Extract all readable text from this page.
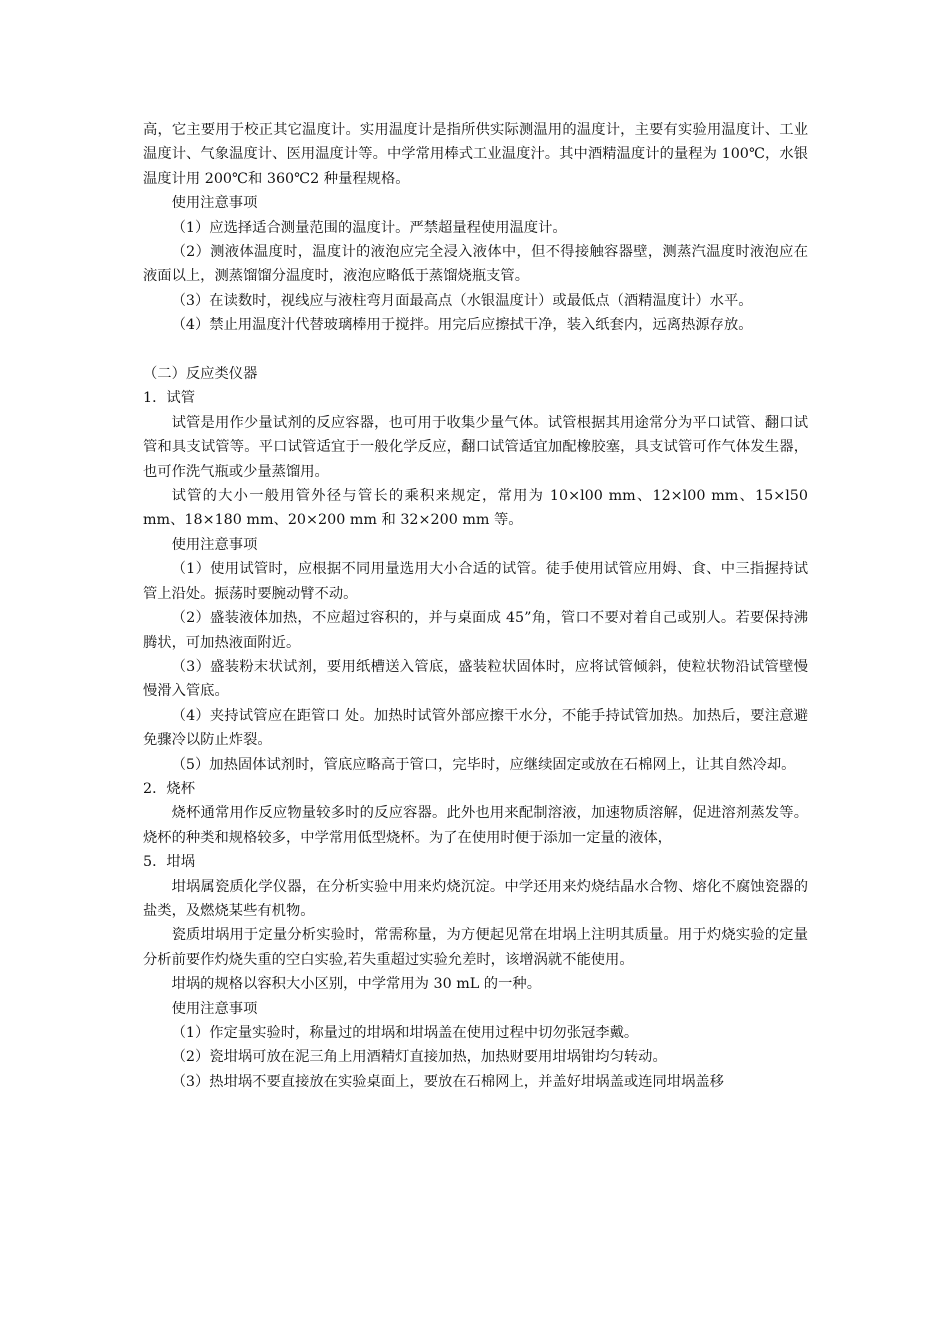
高，它主要用于校正其它温度计。实用温度计是指所供实际测温用的温度计，主要有实验用温度计、工业温度计、气象温度计、医用温度计等。中学常用棒式工业温度汁。其中酒精温度计的量程为 100℃，水银温度计用 200℃和 360℃2 种量程规格。

使用注意事项

（1）应选择适合测量范围的温度计。严禁超量程使用温度计。

（2）测液体温度时，温度计的液泡应完全浸入液体中，但不得接触容器壁，测蒸汽温度时液泡应在液面以上，测蒸馏馏分温度时，液泡应略低于蒸馏烧瓶支管。

（3）在读数时，视线应与液柱弯月面最高点（水银温度计）或最低点（酒精温度计）水平。

（4）禁止用温度汁代替玻璃棒用于搅拌。用完后应擦拭干净，装入纸套内，远离热源存放。

（二）反应类仪器

1．试管

试管是用作少量试剂的反应容器，也可用于收集少量气体。试管根据其用途常分为平口试管、翻口试管和具支试管等。平口试管适宜于一般化学反应，翻口试管适宜加配橡胶塞，具支试管可作气体发生器，也可作洗气瓶或少量蒸馏用。

试管的大小一般用管外径与管长的乘积来规定，常用为 10×l00 mm、12×l00 mm、15×l50 mm、18×180 mm、20×200 mm 和 32×200 mm 等。

使用注意事项

（1）使用试管时，应根据不同用量选用大小合适的试管。徒手使用试管应用姆、食、中三指握持试管上沿处。振荡时要腕动臂不动。

（2）盛装液体加热，不应超过容积的，并与桌面成 45”角，管口不要对着自己或别人。若要保持沸腾状，可加热液面附近。

（3）盛装粉末状试剂，要用纸槽送入管底，盛装粒状固体时，应将试管倾斜，使粒状物沿试管壁慢慢滑入管底。

（4）夹持试管应在距管口 处。加热时试管外部应擦干水分，不能手持试管加热。加热后，要注意避免骤冷以防止炸裂。

（5）加热固体试剂时，管底应略高于管口，完毕时，应继续固定或放在石棉网上，让其自然冷却。

2．烧杯

烧杯通常用作反应物量较多时的反应容器。此外也用来配制溶液，加速物质溶解，促进溶剂蒸发等。烧杯的种类和规格较多，中学常用低型烧杯。为了在使用时便于添加一定量的液体，

5．坩埚

坩埚属瓷质化学仪器，在分析实验中用来灼烧沉淀。中学还用来灼烧结晶水合物、熔化不腐蚀瓷器的盐类，及燃烧某些有机物。

瓷质坩埚用于定量分析实验时，常需称量，为方便起见常在坩埚上注明其质量。用于灼烧实验的定量分析前要作灼烧失重的空白实验,若失重超过实验允差时，该增涡就不能使用。

坩埚的规格以容积大小区别，中学常用为 30 mL 的一种。

使用注意事项

（1）作定量实验时，称量过的坩埚和坩埚盖在使用过程中切勿张冠李戴。

（2）瓷坩埚可放在泥三角上用酒精灯直接加热，加热财要用坩埚钳均匀转动。

（3）热坩埚不要直接放在实验桌面上，要放在石棉网上，并盖好坩埚盖或连同坩埚盖移
